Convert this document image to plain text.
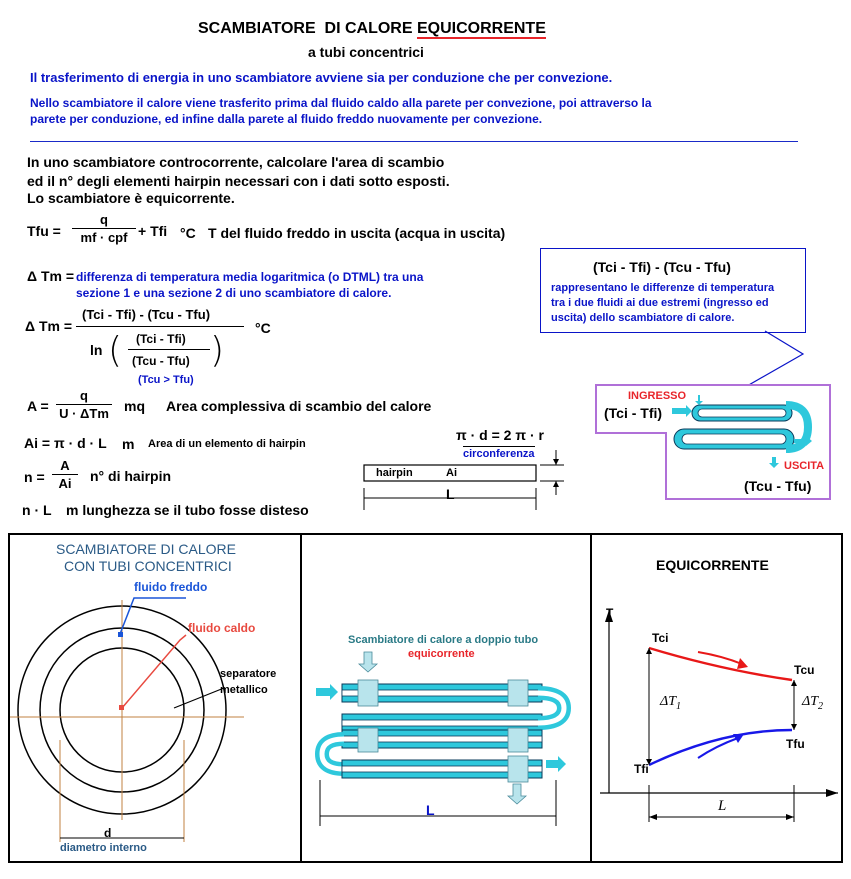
SCAMBIATORE  DI CALORE EQUICORRENTE
a tubi concentrici
Il trasferimento di energia in uno scambiatore avviene sia per conduzione che per convezione.
Nello scambiatore il calore viene trasferito prima dal fluido caldo alla parete per convezione, poi attraverso la
parete per conduzione, ed infine dalla parete al fluido freddo nuovamente per convezione.
In uno scambiatore controcorrente, calcolare l'area di scambio
ed il n° degli elementi hairpin necessari con i dati sotto esposti.
Lo scambiatore è equicorrente.
Tfu =
q
mf · cpf + Tfi °C T del fluido freddo in uscita (acqua in uscita)
Δ Tm = differenza di temperatura media logaritmica (o DTML) tra una
sezione 1 e una sezione 2 di uno scambiatore di calore.
Δ Tm =
(Tci - Tfi) - (Tcu - Tfu)
ln ( (Tci - Tfi)
(Tcu - Tfu) )
°C
(Tcu > Tfu)
A =
q
U · ΔTm mq Area complessiva di scambio del calore
Ai = π · d · L m Area di un elemento di hairpin
n =
A
Ai	n° di hairpin
n · L m lunghezza se il tubo fosse disteso
π · d = 2 π · r
circonferenza
hairpin	Ai
L
(Tci - Tfi) - (Tcu - Tfu)
rappresentano le differenze di temperatura
tra i due fluidi ai due estremi (ingresso ed
uscita) dello scambiatore di calore.
INGRESSO
(Tci - Tfi)
USCITA
(Tcu - Tfu)
SCAMBIATORE DI CALORE
CON TUBI CONCENTRICI
fluido freddo
fluido caldo
separatore
metallico
d
diametro interno
Scambiatore di calore a doppio tubo
equicorrente
L
EQUICORRENTE
T
Tci
Tcu
Tfi
Tfu
$\Delta T_1$	$\Delta T_2$
L
